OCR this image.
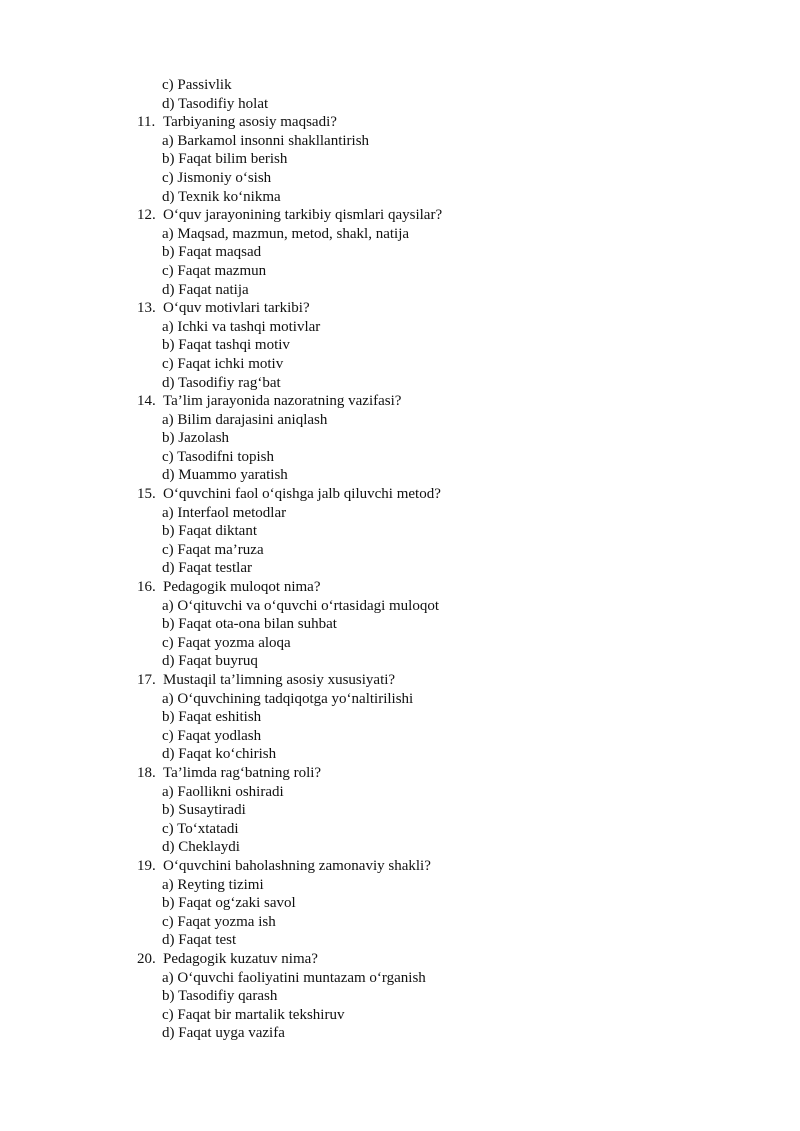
c) Passivlik
d) Tasodifiy holat
11. Tarbiyaning asosiy maqsadi?
a) Barkamol insonni shakllantirish
b) Faqat bilim berish
c) Jismoniy o‘sish
d) Texnik ko‘nikma
12. O‘quv jarayonining tarkibiy qismlari qaysilar?
a) Maqsad, mazmun, metod, shakl, natija
b) Faqat maqsad
c) Faqat mazmun
d) Faqat natija
13. O‘quv motivlari tarkibi?
a) Ichki va tashqi motivlar
b) Faqat tashqi motiv
c) Faqat ichki motiv
d) Tasodifiy rag‘bat
14. Ta’lim jarayonida nazoratning vazifasi?
a) Bilim darajasini aniqlash
b) Jazolash
c) Tasodifni topish
d) Muammo yaratish
15. O‘quvchini faol o‘qishga jalb qiluvchi metod?
a) Interfaol metodlar
b) Faqat diktant
c) Faqat ma’ruza
d) Faqat testlar
16. Pedagogik muloqot nima?
a) O‘qituvchi va o‘quvchi o‘rtasidagi muloqot
b) Faqat ota-ona bilan suhbat
c) Faqat yozma aloqa
d) Faqat buyruq
17. Mustaqil ta’limning asosiy xususiyati?
a) O‘quvchining tadqiqotga yo‘naltirilishi
b) Faqat eshitish
c) Faqat yodlash
d) Faqat ko‘chirish
18. Ta’limda rag‘batning roli?
a) Faollikni oshiradi
b) Susaytiradi
c) To‘xtatadi
d) Cheklaydi
19. O‘quvchini baholashning zamonaviy shakli?
a) Reyting tizimi
b) Faqat og‘zaki savol
c) Faqat yozma ish
d) Faqat test
20. Pedagogik kuzatuv nima?
a) O‘quvchi faoliyatini muntazam o‘rganish
b) Tasodifiy qarash
c) Faqat bir martalik tekshiruv
d) Faqat uyga vazifa
